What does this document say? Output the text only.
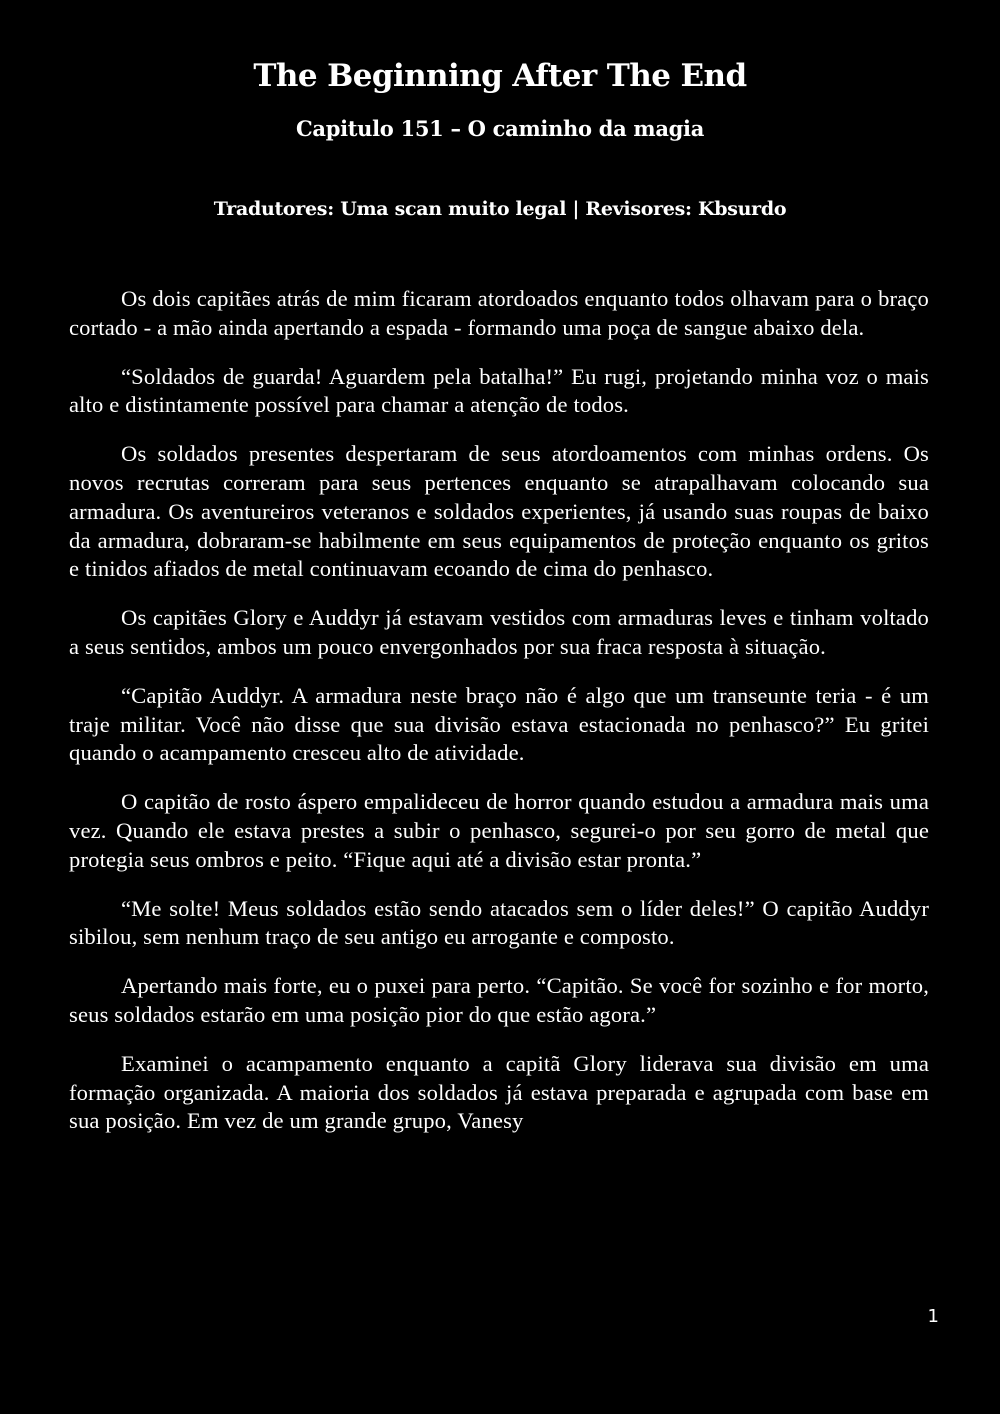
The Beginning After The End
Capitulo 151 – O caminho da magia
Tradutores: Uma scan muito legal | Revisores: Kbsurdo

Os dois capitães atrás de mim ficaram atordoados enquanto todos olhavam para o braço cortado - a mão ainda apertando a espada - formando uma poça de sangue abaixo dela.

“Soldados de guarda! Aguardem pela batalha!” Eu rugi, projetando minha voz o mais alto e distintamente possível para chamar a atenção de todos.

Os soldados presentes despertaram de seus atordoamentos com minhas ordens. Os novos recrutas correram para seus pertences enquanto se atrapalhavam colocando sua armadura. Os aventureiros veteranos e soldados experientes, já usando suas roupas de baixo da armadura, dobraram-se habilmente em seus equipamentos de proteção enquanto os gritos e tinidos afiados de metal continuavam ecoando de cima do penhasco.

Os capitães Glory e Auddyr já estavam vestidos com armaduras leves e tinham voltado a seus sentidos, ambos um pouco envergonhados por sua fraca resposta à situação.

“Capitão Auddyr. A armadura neste braço não é algo que um transeunte teria - é um traje militar. Você não disse que sua divisão estava estacionada no penhasco?” Eu gritei quando o acampamento cresceu alto de atividade.

O capitão de rosto áspero empalideceu de horror quando estudou a armadura mais uma vez. Quando ele estava prestes a subir o penhasco, segurei-o por seu gorro de metal que protegia seus ombros e peito. “Fique aqui até a divisão estar pronta.”

“Me solte! Meus soldados estão sendo atacados sem o líder deles!” O capitão Auddyr sibilou, sem nenhum traço de seu antigo eu arrogante e composto.

Apertando mais forte, eu o puxei para perto. “Capitão. Se você for sozinho e for morto, seus soldados estarão em uma posição pior do que estão agora.”

Examinei o acampamento enquanto a capitã Glory liderava sua divisão em uma formação organizada. A maioria dos soldados já estava preparada e agrupada com base em sua posição. Em vez de um grande grupo, Vanesy

1
